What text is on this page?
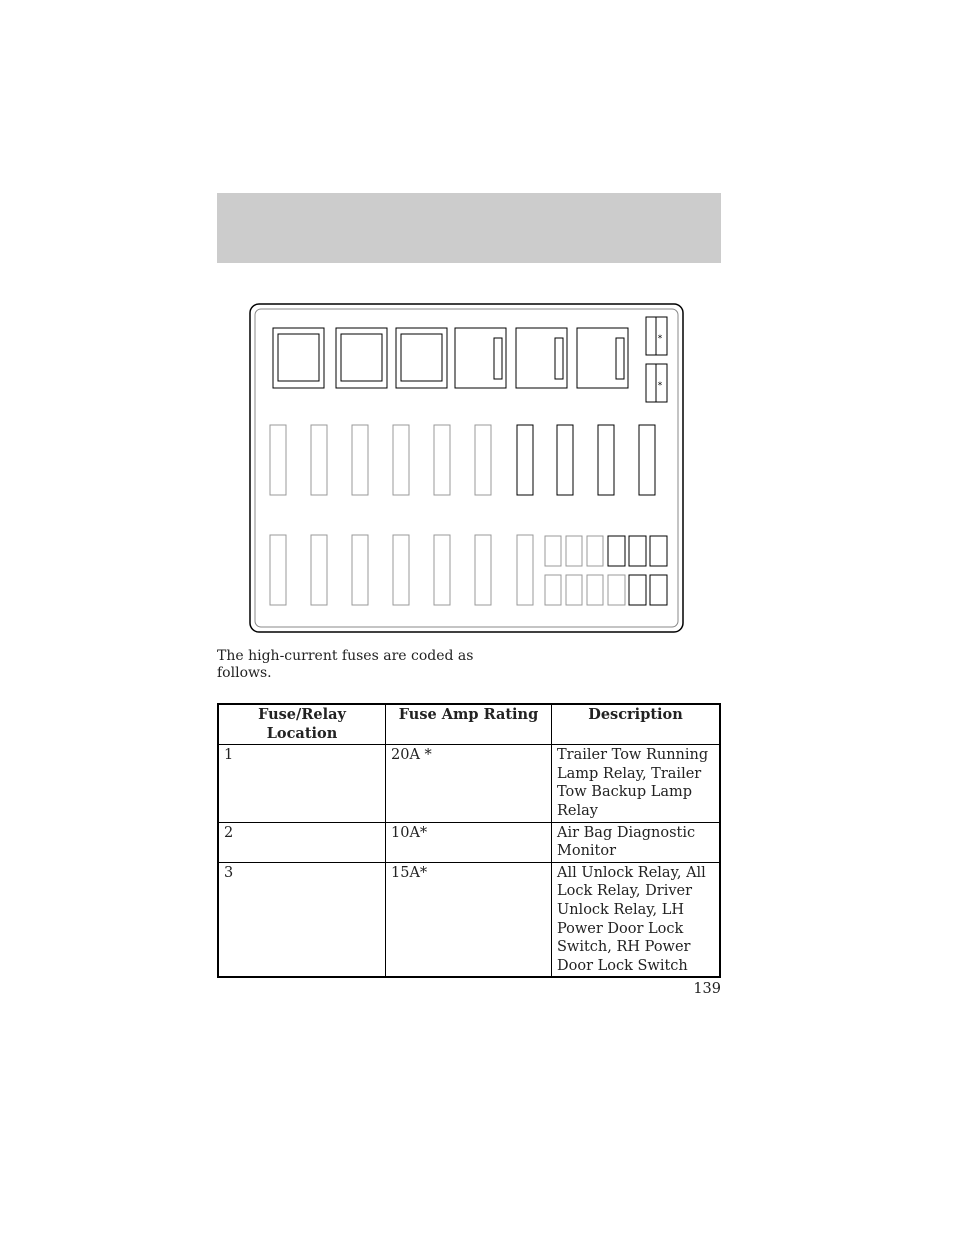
*
*
The high-current fuses are coded as follows.
Fuse/Relay Location	Fuse Amp Rating	Description
1	20A *	Trailer Tow Running Lamp Relay, Trailer Tow Backup Lamp Relay
2	10A*	Air Bag Diagnostic Monitor
3	15A*	All Unlock Relay, All Lock Relay, Driver Unlock Relay, LH Power Door Lock Switch, RH Power Door Lock Switch
139
